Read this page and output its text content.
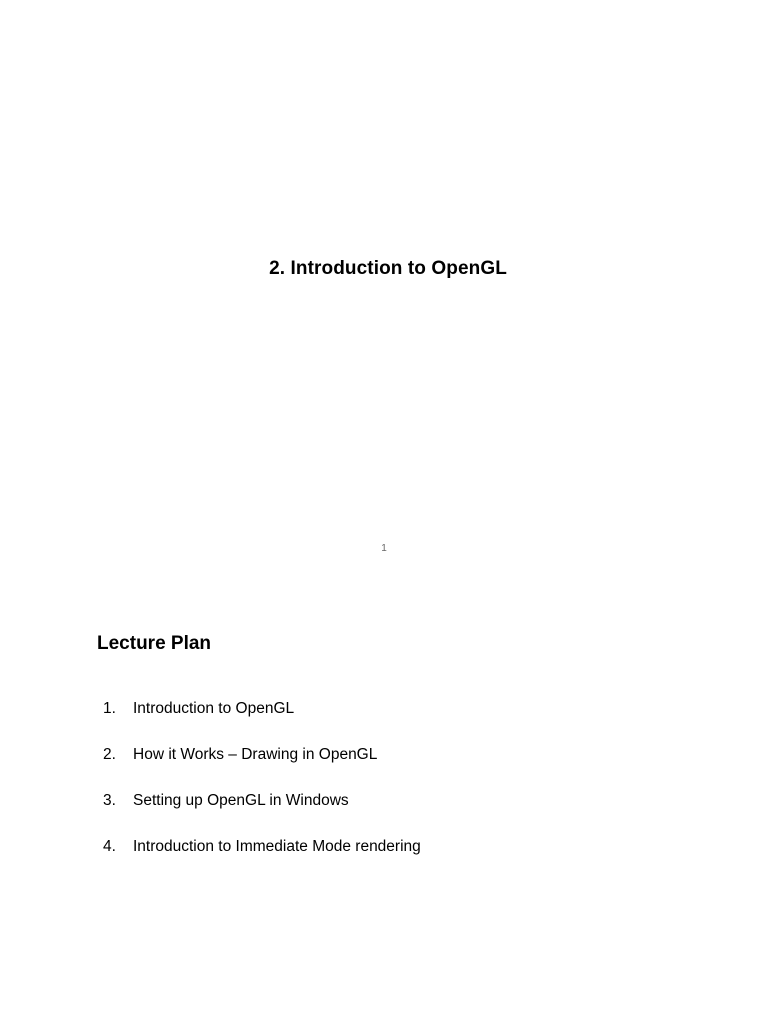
2. Introduction to OpenGL
1
Lecture Plan
1.	Introduction to OpenGL
2.	How it Works – Drawing in OpenGL
3.	Setting up OpenGL in Windows
4.	Introduction to Immediate Mode rendering
